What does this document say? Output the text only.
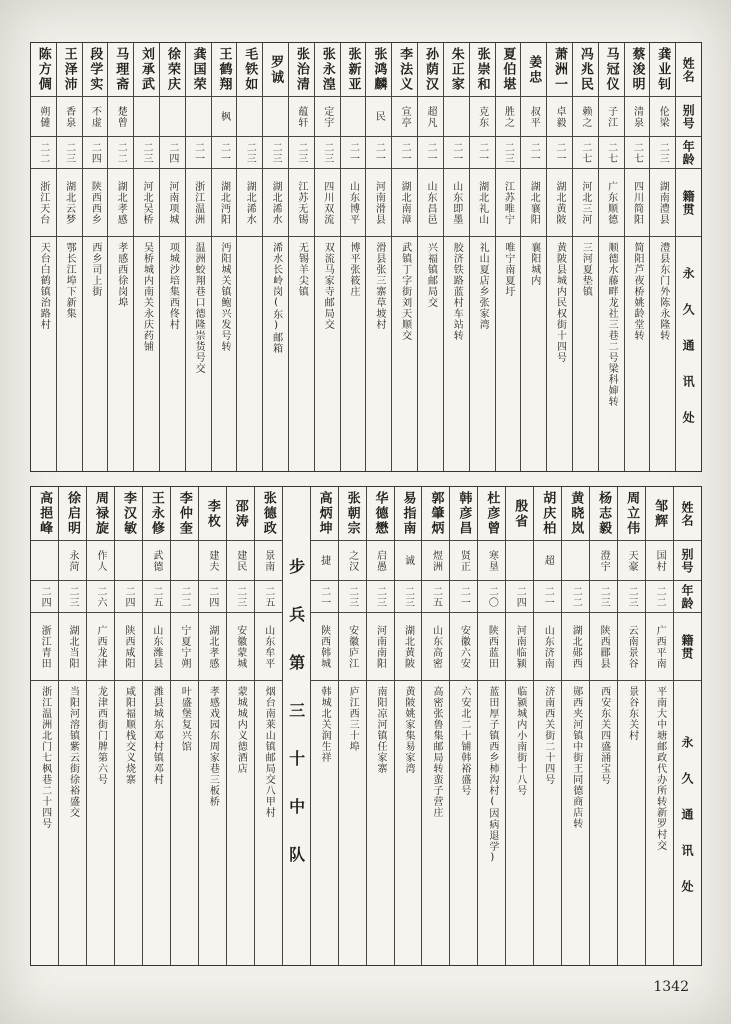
姓名
别号
年龄
籍贯
永久通讯处
龚业钊
伦梁
二三
湖南澧县
澧县东门外陈永隆转
蔡浚明
清泉
二七
四川简阳
简阳芦夜桥姚龄堂转
马冠仪
子江
二七
广东顺德
顺德水藤畔龙社三巷二号梁科婶转
冯兆民
赖之
二七
河北三河
三河夏垫镇
萧洲一
卓毅
二一
湖北黄陂
黄陂县城内民权街十四号
姜忠
叔平
二一
湖北襄阳
襄阳城内
夏伯堪
胜之
二三
江苏唯宁
唯宁南夏圩
张崇和
克东
二一
湖北礼山
礼山夏店乡张家湾
朱正家
二一
山东即墨
胶济铁路蓝村车站转
孙荫汉
超凡
二一
山东昌邑
兴福镇邮局交
李法义
宣亭
二一
湖北南漳
武镇丁字街刘天顺交
张鸿麟
民
二一
河南滑县
滑县张三寨草坡村
张新亚
二一
山东博平
博平张筱庄
张永湟
定宇
二三
四川双流
双流马家寺邮局交
张治清
蕴轩
二三
江苏无锡
无锡羊尖镇
罗诚
二三
湖北浠水
浠水长岭岗(东)邮箱
毛铁如
二三
湖北浠水
王鹤翔
枫
二一
湖北沔阳
沔阳城关镇鲍兴发号转
龚国荣
二一
浙江温洲
温洲蛟翔巷口德隆崇货号交
徐荣庆
二四
河南项城
项城沙培集西佟村
刘承武
二三
河北吴桥
吴桥城内南关永庆药铺
马理斋
楚曾
二二
湖北孝感
孝感西徐岗埠
段学实
不虚
二四
陕西西乡
西乡司上街
王泽沛
香泉
二三
湖北云梦
鄂长江埠下新集
陈方倜
朔僆
二二
浙江天台
天台白鹤镇治路村
姓名
别号
年龄
籍贯
永久通讯处
邹辉
国村
二二
广西平南
平南大中塘邮政代办所转新罗村交
周立伟
天豪
二三
云南景谷
景谷东关村
杨志毅
澄宇
二三
陕西郿县
西安东关四盛涌宝号
黄晓岚
二二
湖北郧西
郧西夹河镇中街王同德商店转
胡庆柏
超
二一
山东济南
济南西关街二十四号
殷省
二四
河南临颍
临颍城内小南街十八号
杜彦曾
寒垦
二〇
陕西蓝田
蓝田厚子镇西乡柿沟村(因病退学)
韩彦昌
贤正
二一
安徽六安
六安北二十铺韩裕盛号
郭肇炳
煜洲
二五
山东高密
高密张鲁集邮局转蛮子营庄
易指南
诚
二三
湖北黄陂
黄陂姚家集易家湾
华德懋
启愚
二三
河南南阳
南阳凉河镇任家寨
张朝宗
之汉
二三
安徽庐江
庐江西三十埠
高炳坤
捷
二一
陕西韩城
韩城北关润生祥
步兵第三十中队
张德政
景南
二五
山东牟平
烟台南莱山镇邮局交八甲村
邵涛
建民
二三
安徽蒙城
蒙城城内义德酒店
李枚
建夫
二四
湖北孝感
孝感戏园东周家巷三板桥
李仲奎
二二
宁夏宁朔
叶盛堡复兴馆
王永修
武德
二五
山东潍县
潍县城东邓村镇邓村
李汉敏
二四
陕西咸阳
咸阳福顺栈交义烧寨
周禄旋
作人
二六
广西龙津
龙津西街门牌第六号
徐启明
永菏
二三
湖北当阳
当阳河溶镇紫云街徐裕盛交
高挹峰
二四
浙江青田
浙江温洲北门七枫巷二十四号
1342
